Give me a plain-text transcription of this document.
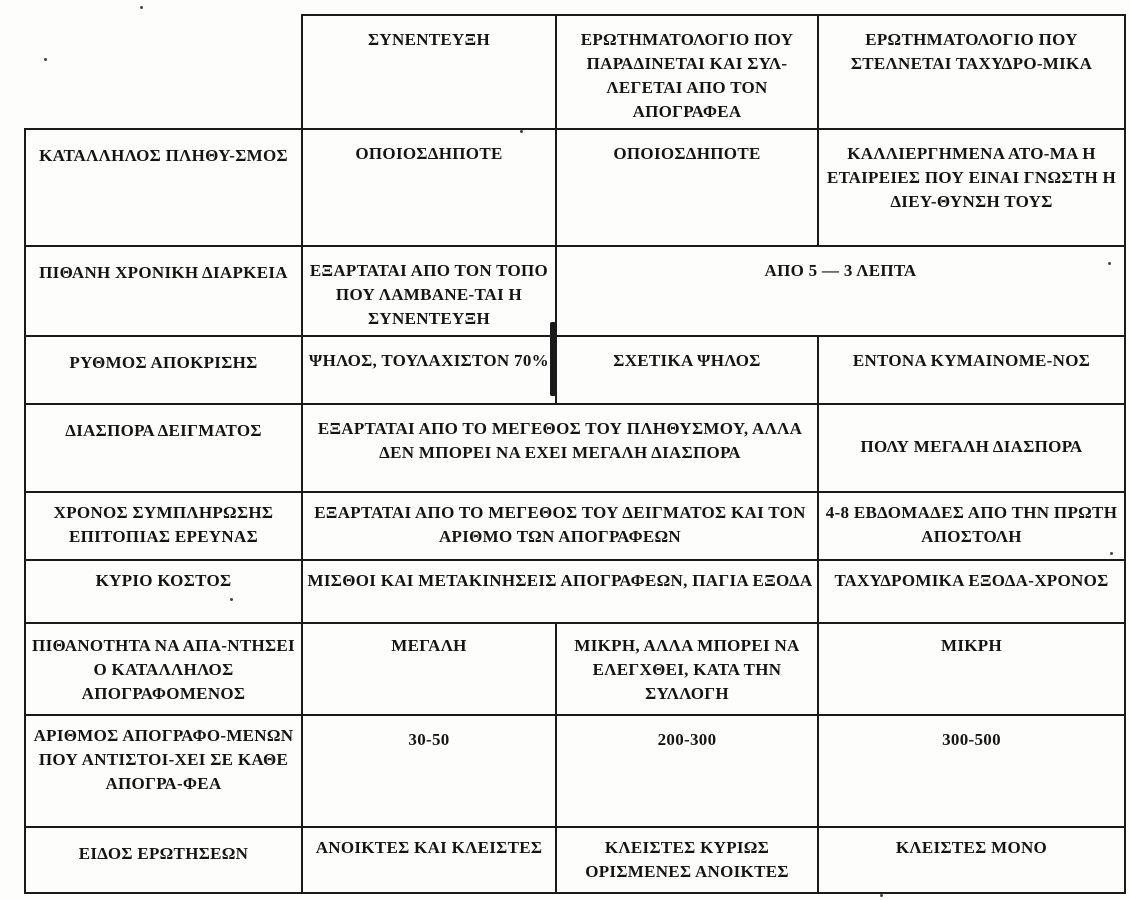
	ΣΥΝΕΝΤΕΥΞΗ	ΕΡΩΤΗΜΑΤΟΛΟΓΙΟ ΠΟΥ ΠΑΡΑΔΙΝΕΤΑΙ ΚΑΙ ΣΥΛ-ΛΕΓΕΤΑΙ ΑΠΟ ΤΟΝ ΑΠΟΓΡΑΦΕΑ	ΕΡΩΤΗΜΑΤΟΛΟΓΙΟ ΠΟΥ ΣΤΕΛΝΕΤΑΙ ΤΑΧΥΔΡΟ-ΜΙΚΑ
ΚΑΤΑΛΛΗΛΟΣ ΠΛΗΘΥ-ΣΜΟΣ	ΟΠΟΙΟΣΔΗΠΟΤΕ	ΟΠΟΙΟΣΔΗΠΟΤΕ	ΚΑΛΛΙΕΡΓΗΜΕΝΑ ΑΤΟ-ΜΑ Η ΕΤΑΙΡΕΙΕΣ ΠΟΥ ΕΙΝΑΙ ΓΝΩΣΤΗ Η ΔΙΕΥ-ΘΥΝΣΗ ΤΟΥΣ
ΠΙΘΑΝΗ ΧΡΟΝΙΚΗ ΔΙΑΡΚΕΙΑ	ΕΞΑΡΤΑΤΑΙ ΑΠΟ ΤΟΝ ΤΟΠΟ ΠΟΥ ΛΑΜΒΑΝΕ-ΤΑΙ Η ΣΥΝΕΝΤΕΥΞΗ	ΑΠΟ 5 — 3 ΛΕΠΤΑ	
ΡΥΘΜΟΣ ΑΠΟΚΡΙΣΗΣ	ΨΗΛΟΣ, ΤΟΥΛΑΧΙΣΤΟΝ 70%	ΣΧΕΤΙΚΑ ΨΗΛΟΣ	ΕΝΤΟΝΑ ΚΥΜΑΙΝΟΜΕ-ΝΟΣ
ΔΙΑΣΠΟΡΑ ΔΕΙΓΜΑΤΟΣ	ΕΞΑΡΤΑΤΑΙ ΑΠΟ ΤΟ ΜΕΓΕΘΟΣ ΤΟΥ ΠΛΗΘΥΣΜΟΥ, ΑΛΛΑ ΔΕΝ ΜΠΟΡΕΙ ΝΑ ΕΧΕΙ ΜΕΓΑΛΗ ΔΙΑΣΠΟΡΑ		ΠΟΛΥ ΜΕΓΑΛΗ ΔΙΑΣΠΟΡΑ
ΧΡΟΝΟΣ ΣΥΜΠΛΗΡΩΣΗΣ ΕΠΙΤΟΠΙΑΣ ΕΡΕΥΝΑΣ	ΕΞΑΡΤΑΤΑΙ ΑΠΟ ΤΟ ΜΕΓΕΘΟΣ ΤΟΥ ΔΕΙΓΜΑΤΟΣ ΚΑΙ ΤΟΝ ΑΡΙΘΜΟ ΤΩΝ ΑΠΟΓΡΑΦΕΩΝ		4-8 ΕΒΔΟΜΑΔΕΣ ΑΠΟ ΤΗΝ ΠΡΩΤΗ ΑΠΟΣΤΟΛΗ
ΚΥΡΙΟ ΚΟΣΤΟΣ	ΜΙΣΘΟΙ ΚΑΙ ΜΕΤΑΚΙΝΗΣΕΙΣ ΑΠΟΓΡΑΦΕΩΝ, ΠΑΓΙΑ ΕΞΟΔΑ		ΤΑΧΥΔΡΟΜΙΚΑ ΕΞΟΔΑ-ΧΡΟΝΟΣ
ΠΙΘΑΝΟΤΗΤΑ ΝΑ ΑΠΑ-ΝΤΗΣΕΙ Ο ΚΑΤΑΛΛΗΛΟΣ ΑΠΟΓΡΑΦΟΜΕΝΟΣ	ΜΕΓΑΛΗ	ΜΙΚΡΗ, ΑΛΛΑ ΜΠΟΡΕΙ ΝΑ ΕΛΕΓΧΘΕΙ, ΚΑΤΑ ΤΗΝ ΣΥΛΛΟΓΗ	ΜΙΚΡΗ
ΑΡΙΘΜΟΣ ΑΠΟΓΡΑΦΟ-ΜΕΝΩΝ ΠΟΥ ΑΝΤΙΣΤΟΙ-ΧΕΙ ΣΕ ΚΑΘΕ ΑΠΟΓΡΑ-ΦΕΑ	30-50	200-300	300-500
ΕΙΔΟΣ ΕΡΩΤΗΣΕΩΝ	ΑΝΟΙΚΤΕΣ ΚΑΙ ΚΛΕΙΣΤΕΣ	ΚΛΕΙΣΤΕΣ ΚΥΡΙΩΣ ΟΡΙΣΜΕΝΕΣ ΑΝΟΙΚΤΕΣ	ΚΛΕΙΣΤΕΣ ΜΟΝΟ
